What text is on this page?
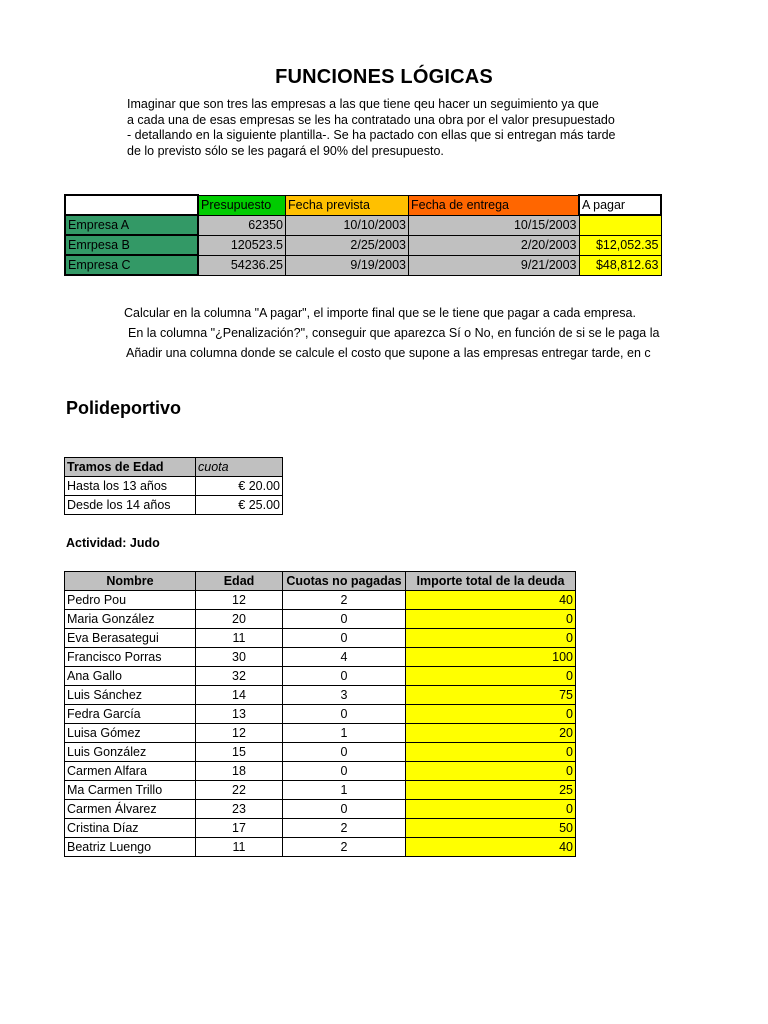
FUNCIONES LÓGICAS
Imaginar que son tres las empresas a las que tiene qeu hacer un seguimiento ya que
a cada una de esas empresas se les ha contratado una obra por el valor presupuestado
- detallando en la siguiente plantilla-. Se ha pactado con ellas que si entregan más tarde
de lo previsto sólo se les pagará el 90% del presupuesto.
	Presupuesto	Fecha prevista	Fecha de entrega	A pagar
Empresa A	62350	10/10/2003	10/15/2003	
Emrpesa B	120523.5	2/25/2003	2/20/2003	$12,052.35
Empresa C	54236.25	9/19/2003	9/21/2003	$48,812.63
Calcular en la columna "A pagar", el importe final que se le tiene que pagar a cada empresa.
En la columna "¿Penalización?", conseguir que aparezca Sí o No, en función de si se le paga la
Añadir una columna donde se calcule el costo que supone a las empresas entregar tarde, en c
Polideportivo
Tramos de Edad	cuota
Hasta los 13 años	€ 20.00
Desde los 14 años	€ 25.00
Actividad: Judo
Nombre	Edad	Cuotas no pagadas	Importe total de la deuda
Pedro Pou	12	2	40
Maria González	20	0	0
Eva Berasategui	11	0	0
Francisco Porras	30	4	100
Ana Gallo	32	0	0
Luis Sánchez	14	3	75
Fedra García	13	0	0
Luisa Gómez	12	1	20
Luis González	15	0	0
Carmen Alfara	18	0	0
Ma Carmen Trillo	22	1	25
Carmen Álvarez	23	0	0
Cristina Díaz	17	2	50
Beatriz Luengo	11	2	40
